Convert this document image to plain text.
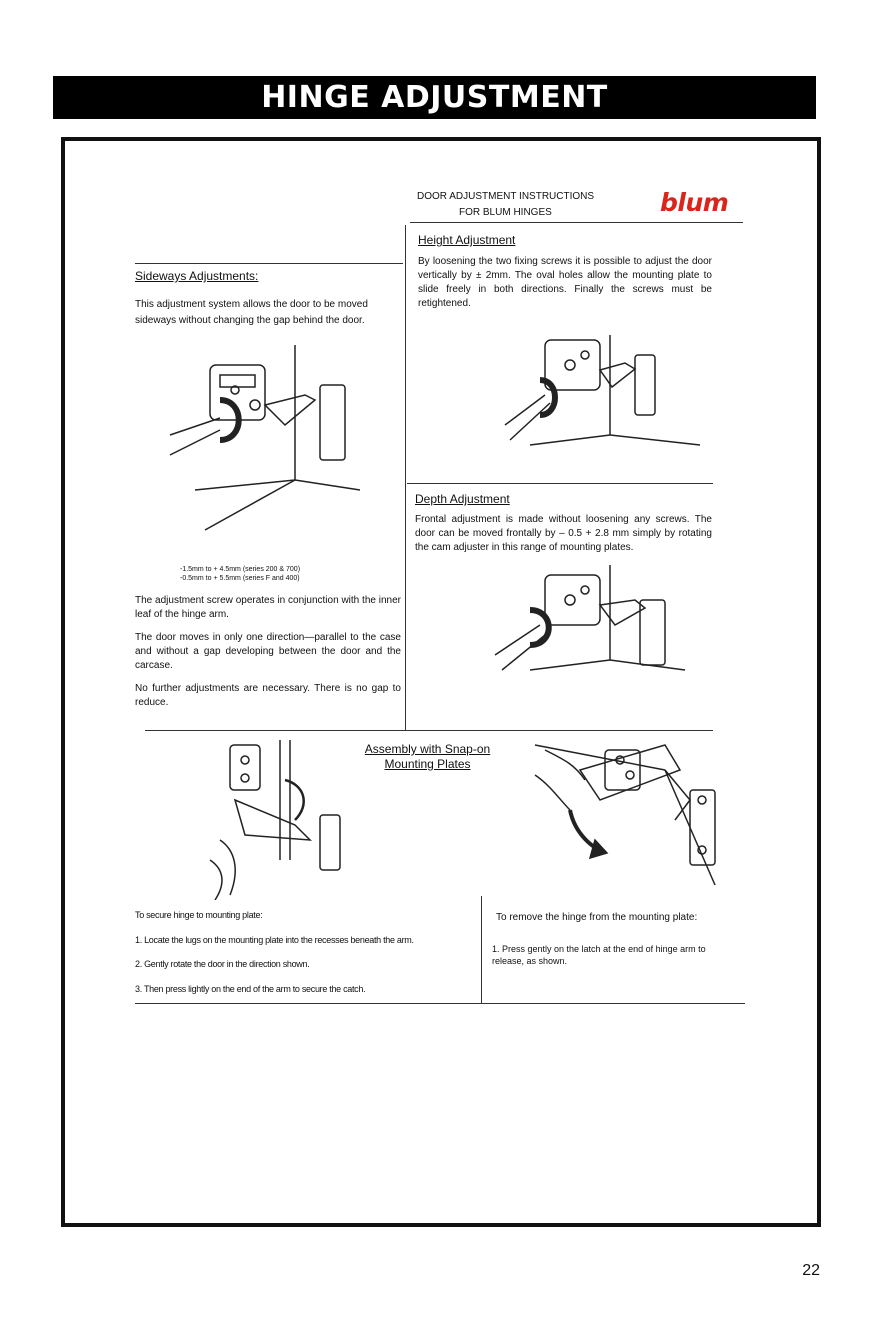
HINGE ADJUSTMENT
DOOR ADJUSTMENT INSTRUCTIONS
FOR BLUM HINGES	blum
Height Adjustment
By loosening the two fixing screws it is possible to adjust the door vertically by ± 2mm. The oval holes allow the mounting plate to slide freely in both directions. Finally the screws must be retightened.
Sideways Adjustments:
This adjustment system allows the door to be moved sideways without changing the gap behind the door.
-1.5mm to + 4.5mm (series 200 & 700)
-0.5mm to + 5.5mm (series F and 400)
The adjustment screw operates in conjunction with the inner leaf of the hinge arm.
The door moves in only one direction—parallel to the case and without a gap developing between the door and the carcase.
No further adjustments are necessary. There is no gap to reduce.
Depth Adjustment
Frontal adjustment is made without loosening any screws. The door can be moved frontally by – 0.5 + 2.8 mm simply by rotating the cam adjuster in this range of mounting plates.
Assembly with Snap-on
Mounting Plates
To secure hinge to mounting plate:
1. Locate the lugs on the mounting plate into the recesses beneath the arm.
2. Gently rotate the door in the direction shown.
3. Then press lightly on the end of the arm to secure the catch.
To remove the hinge from the mounting plate:
1. Press gently on the latch at the end of hinge arm to release, as shown.
22
